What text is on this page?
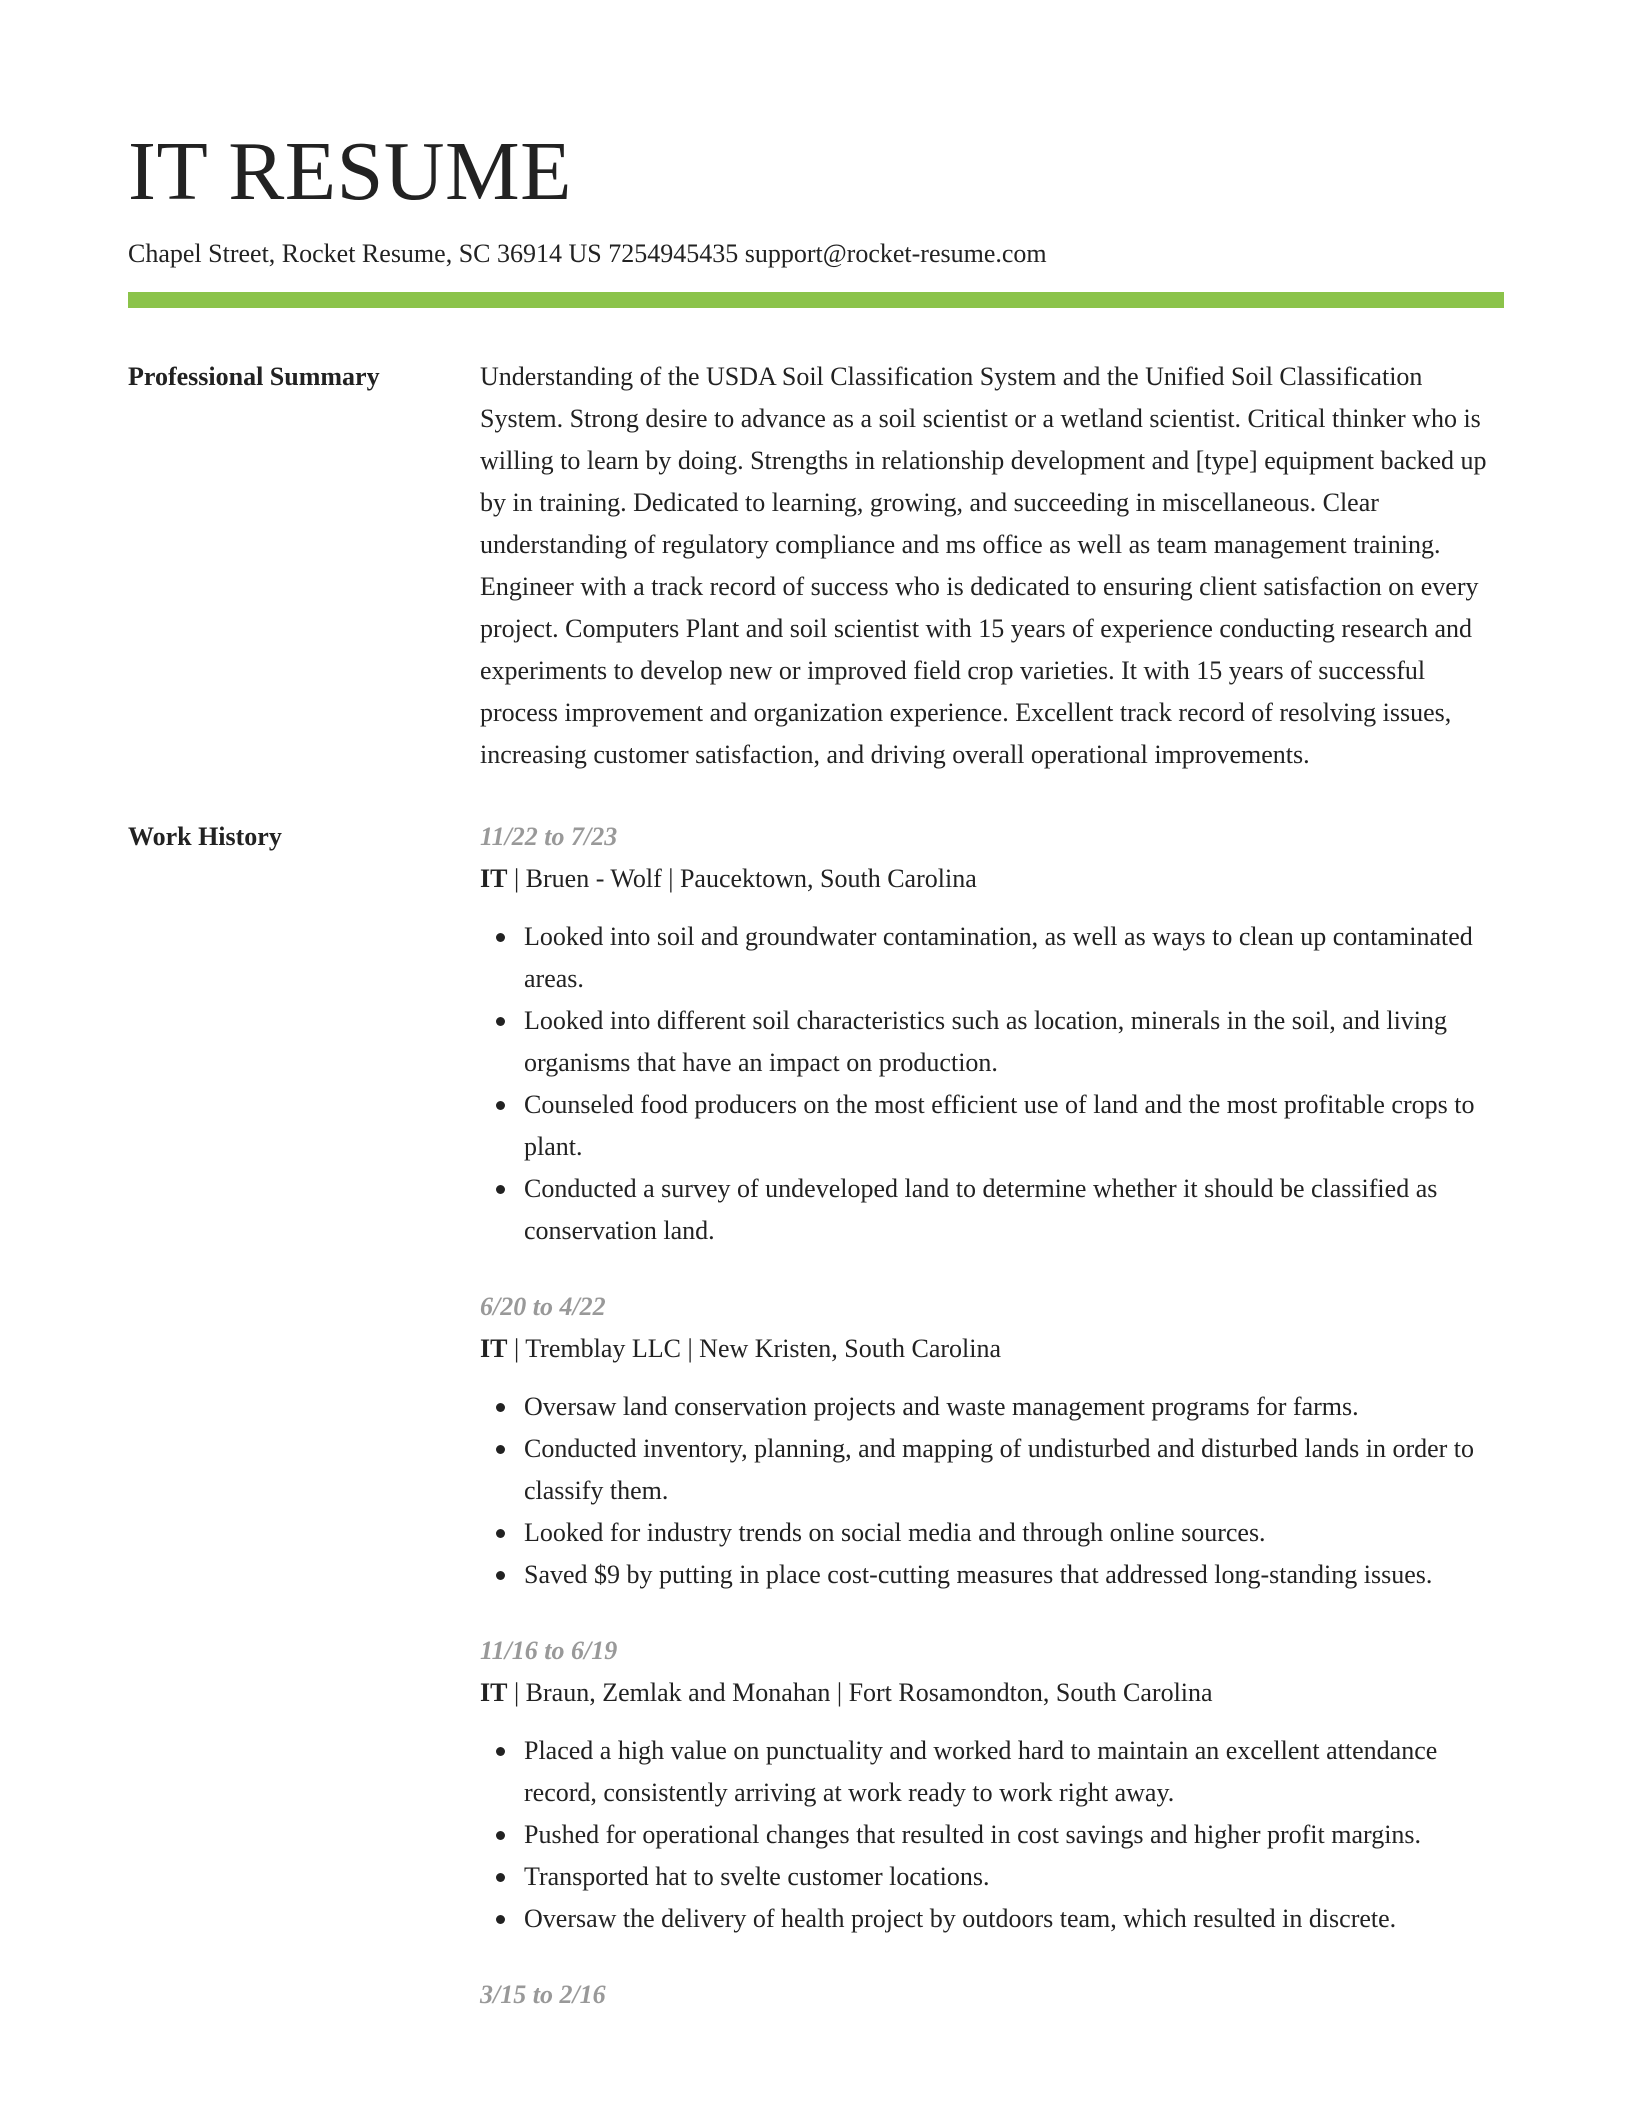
IT RESUME
Chapel Street, Rocket Resume, SC 36914 US 7254945435 support@rocket-resume.com
Professional Summary	Understanding of the USDA Soil Classification System and the Unified Soil Classification System. Strong desire to advance as a soil scientist or a wetland scientist. Critical thinker who is willing to learn by doing. Strengths in relationship development and [type] equipment backed up by in training. Dedicated to learning, growing, and succeeding in miscellaneous. Clear understanding of regulatory compliance and ms office as well as team management training. Engineer with a track record of success who is dedicated to ensuring client satisfaction on every project. Computers Plant and soil scientist with 15 years of experience conducting research and experiments to develop new or improved field crop varieties. It with 15 years of successful process improvement and organization experience. Excellent track record of resolving issues, increasing customer satisfaction, and driving overall operational improvements.

Work History	11/22 to 7/23
IT | Bruen - Wolf | Paucektown, South Carolina
Looked into soil and groundwater contamination, as well as ways to clean up contaminated areas.
Looked into different soil characteristics such as location, minerals in the soil, and living organisms that have an impact on production.
Counseled food producers on the most efficient use of land and the most profitable crops to plant.
Conducted a survey of undeveloped land to determine whether it should be classified as conservation land.
6/20 to 4/22
IT | Tremblay LLC | New Kristen, South Carolina
Oversaw land conservation projects and waste management programs for farms.
Conducted inventory, planning, and mapping of undisturbed and disturbed lands in order to classify them.
Looked for industry trends on social media and through online sources.
Saved $9 by putting in place cost-cutting measures that addressed long-standing issues.
11/16 to 6/19
IT | Braun, Zemlak and Monahan | Fort Rosamondton, South Carolina
Placed a high value on punctuality and worked hard to maintain an excellent attendance record, consistently arriving at work ready to work right away.
Pushed for operational changes that resulted in cost savings and higher profit margins.
Transported hat to svelte customer locations.
Oversaw the delivery of health project by outdoors team, which resulted in discrete.
3/15 to 2/16
